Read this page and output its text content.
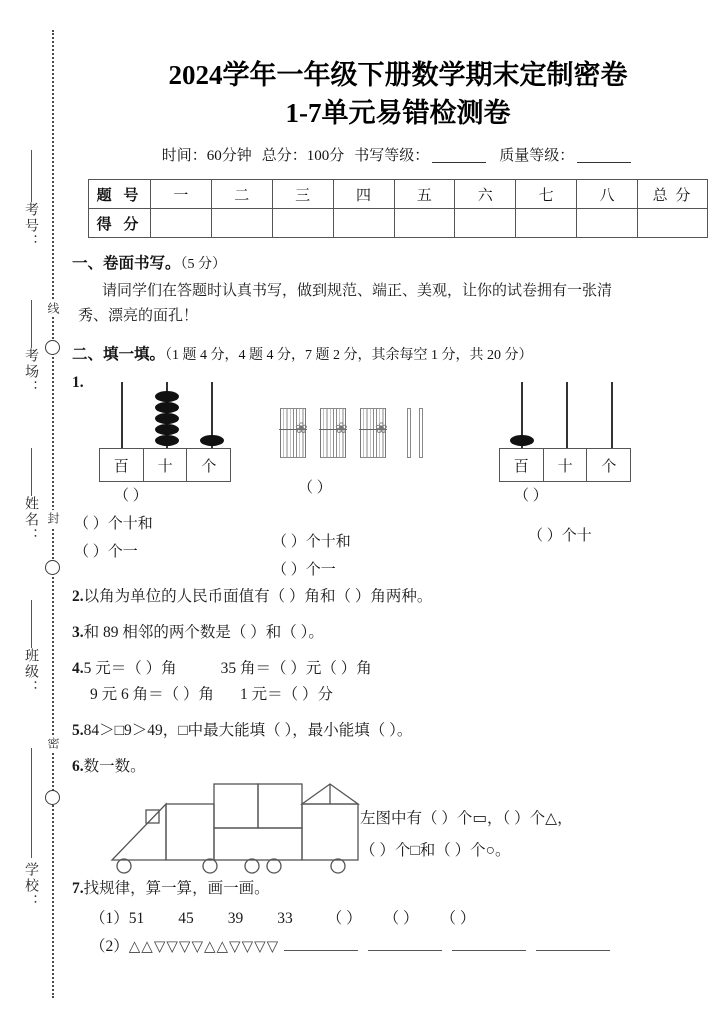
线
封
密
考号：
考场：
姓名：
班级：
学校：
2024学年一年级下册数学期末定制密卷
1-7单元易错检测卷
时间：60分钟 总分：100分 书写等级：	质量等级：
题 号	一	二	三	四	五	六	七	八	总 分
得 分									
一、卷面书写。（5 分）
请同学们在答题时认真书写，做到规范、端正、美观，让你的试卷拥有一张清
秀、漂亮的面孔！
二、填一填。（1 题 4 分，4 题 4 分，7 题 2 分，其余每空 1 分，共 20 分）
1.
百	十	个
（ ）
（ ）个十和
（ ）个一
❀ ❀ ❀
（ ）
（ ）个十和
（ ）个一
百	十	个
（ ）
（ ）个十
2.以角为单位的人民币面值有（ ）角和（ ）角两种。
3.和 89 相邻的两个数是（ ）和（ ）。
4.5 元＝（ ）角	35 角＝（ ）元（ ）角
9 元 6 角＝（ ）角 1 元＝（ ）分
5.84＞□9＞49，□中最大能填（ ），最小能填（ ）。
6.数一数。
左图中有（ ）个▭，（ ）个△，
（ ）个□和（ ）个○。
7.找规律，算一算，画一画。
（1）51 45 39 33 （ ） （ ） （ ）
（2）△△▽▽▽▽△△▽▽▽▽
